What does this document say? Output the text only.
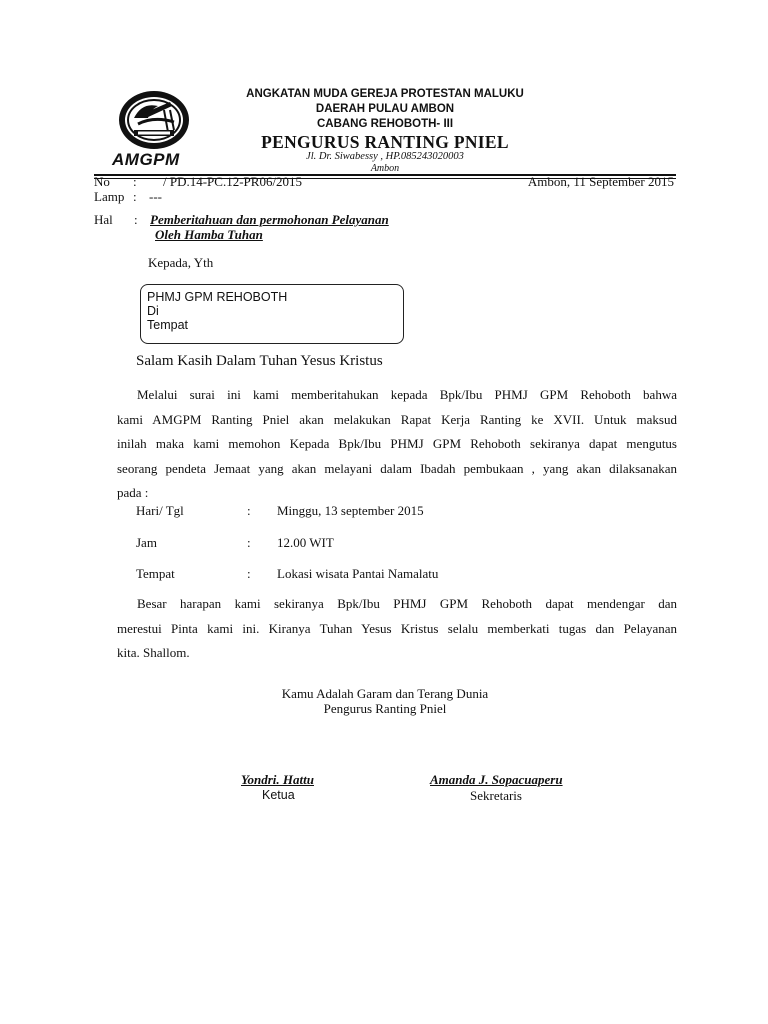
AMGPM
ANGKATAN MUDA GEREJA PROTESTAN MALUKU
DAERAH PULAU AMBON
CABANG REHOBOTH- III
PENGURUS RANTING PNIEL
Jl. Dr. Siwabessy , HP.085243020003
Ambon
No : / PD.14-PC.12-PR06/2015	Ambon, 11 September 2015
Lamp : ---
Hal : Pemberitahuan dan permohonan Pelayanan
Oleh Hamba Tuhan
Kepada, Yth
PHMJ GPM REHOBOTH
Di
Tempat
Salam Kasih Dalam Tuhan Yesus Kristus
Melalui surai ini kami memberitahukan kepada Bpk/Ibu PHMJ GPM Rehoboth bahwa
kami AMGPM Ranting Pniel akan melakukan Rapat Kerja Ranting ke XVII. Untuk maksud
inilah maka kami memohon Kepada Bpk/Ibu PHMJ GPM Rehoboth sekiranya dapat mengutus
seorang pendeta Jemaat yang akan melayani dalam Ibadah pembukaan , yang akan dilaksanakan
pada :
Hari/ Tgl	: Minggu, 13 september 2015
Jam	: 12.00 WIT
Tempat	: Lokasi wisata Pantai Namalatu
Besar harapan kami sekiranya Bpk/Ibu PHMJ GPM Rehoboth dapat mendengar dan
merestui Pinta kami ini. Kiranya Tuhan Yesus Kristus selalu memberkati tugas dan Pelayanan
kita. Shallom.
Kamu Adalah Garam dan Terang Dunia
Pengurus Ranting Pniel
Yondri. Hattu
Ketua
Amanda J. Sopacuaperu
Sekretaris
